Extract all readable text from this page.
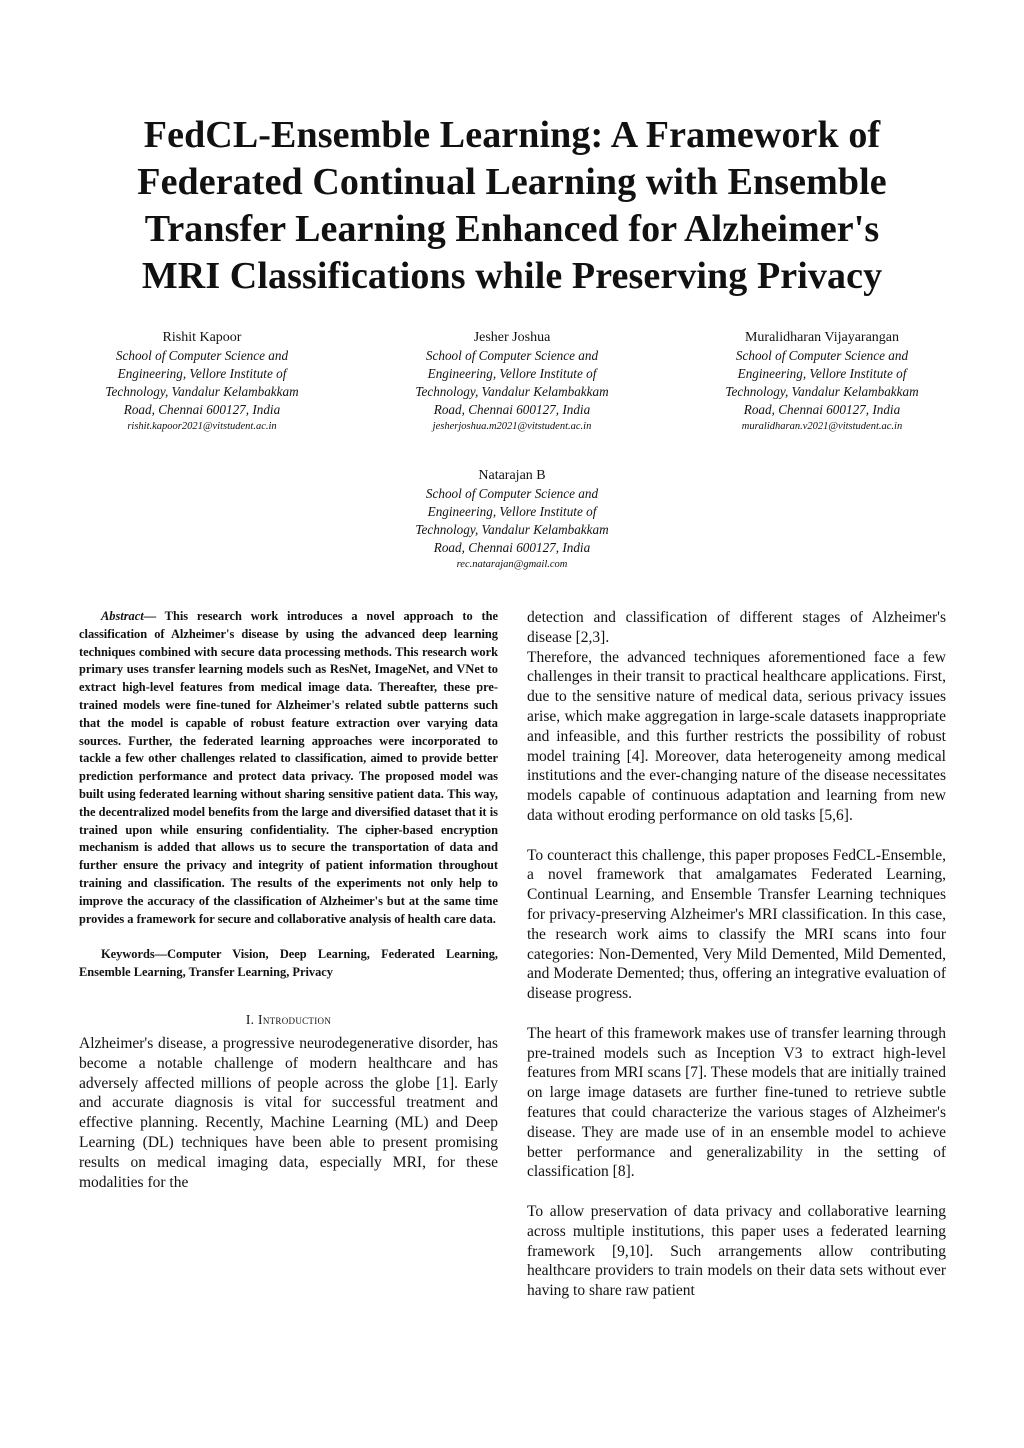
FedCL-Ensemble Learning: A Framework of
Federated Continual Learning with Ensemble
Transfer Learning Enhanced for Alzheimer's
MRI Classifications while Preserving Privacy
Rishit Kapoor
School of Computer Science and
Engineering, Vellore Institute of
Technology, Vandalur Kelambakkam
Road, Chennai 600127, India
rishit.kapoor2021@vitstudent.ac.in
Jesher Joshua
School of Computer Science and
Engineering, Vellore Institute of
Technology, Vandalur Kelambakkam
Road, Chennai 600127, India
jesherjoshua.m2021@vitstudent.ac.in
Muralidharan Vijayarangan
School of Computer Science and
Engineering, Vellore Institute of
Technology, Vandalur Kelambakkam
Road, Chennai 600127, India
muralidharan.v2021@vitstudent.ac.in
Natarajan B
School of Computer Science and
Engineering, Vellore Institute of
Technology, Vandalur Kelambakkam
Road, Chennai 600127, India
rec.natarajan@gmail.com

Abstract— This research work introduces a novel approach to the classification of Alzheimer's disease by using the advanced deep learning techniques combined with secure data processing methods. This research work primary uses transfer learning models such as ResNet, ImageNet, and VNet to extract high-level features from medical image data. Thereafter, these pre-trained models were fine-tuned for Alzheimer's related subtle patterns such that the model is capable of robust feature extraction over varying data sources. Further, the federated learning approaches were incorporated to tackle a few other challenges related to classification, aimed to provide better prediction performance and protect data privacy. The proposed model was built using federated learning without sharing sensitive patient data. This way, the decentralized model benefits from the large and diversified dataset that it is trained upon while ensuring confidentiality. The cipher-based encryption mechanism is added that allows us to secure the transportation of data and further ensure the privacy and integrity of patient information throughout training and classification. The results of the experiments not only help to improve the accuracy of the classification of Alzheimer's but at the same time provides a framework for secure and collaborative analysis of health care data.

Keywords—Computer Vision, Deep Learning, Federated Learning, Ensemble Learning, Transfer Learning, Privacy

I. Introduction

Alzheimer's disease, a progressive neurodegenerative disorder, has become a notable challenge of modern healthcare and has adversely affected millions of people across the globe [1]. Early and accurate diagnosis is vital for successful treatment and effective planning. Recently, Machine Learning (ML) and Deep Learning (DL) techniques have been able to present promising results on medical imaging data, especially MRI, for these modalities for the

detection and classification of different stages of Alzheimer's disease [2,3].

Therefore, the advanced techniques aforementioned face a few challenges in their transit to practical healthcare applications. First, due to the sensitive nature of medical data, serious privacy issues arise, which make aggregation in large-scale datasets inappropriate and infeasible, and this further restricts the possibility of robust model training [4]. Moreover, data heterogeneity among medical institutions and the ever-changing nature of the disease necessitates models capable of continuous adaptation and learning from new data without eroding performance on old tasks [5,6].

To counteract this challenge, this paper proposes FedCL-Ensemble, a novel framework that amalgamates Federated Learning, Continual Learning, and Ensemble Transfer Learning techniques for privacy-preserving Alzheimer's MRI classification. In this case, the research work aims to classify the MRI scans into four categories: Non-Demented, Very Mild Demented, Mild Demented, and Moderate Demented; thus, offering an integrative evaluation of disease progress.

The heart of this framework makes use of transfer learning through pre-trained models such as Inception V3 to extract high-level features from MRI scans [7]. These models that are initially trained on large image datasets are further fine-tuned to retrieve subtle features that could characterize the various stages of Alzheimer's disease. They are made use of in an ensemble model to achieve better performance and generalizability in the setting of classification [8].

To allow preservation of data privacy and collaborative learning across multiple institutions, this paper uses a federated learning framework [9,10]. Such arrangements allow contributing healthcare providers to train models on their data sets without ever having to share raw patient
